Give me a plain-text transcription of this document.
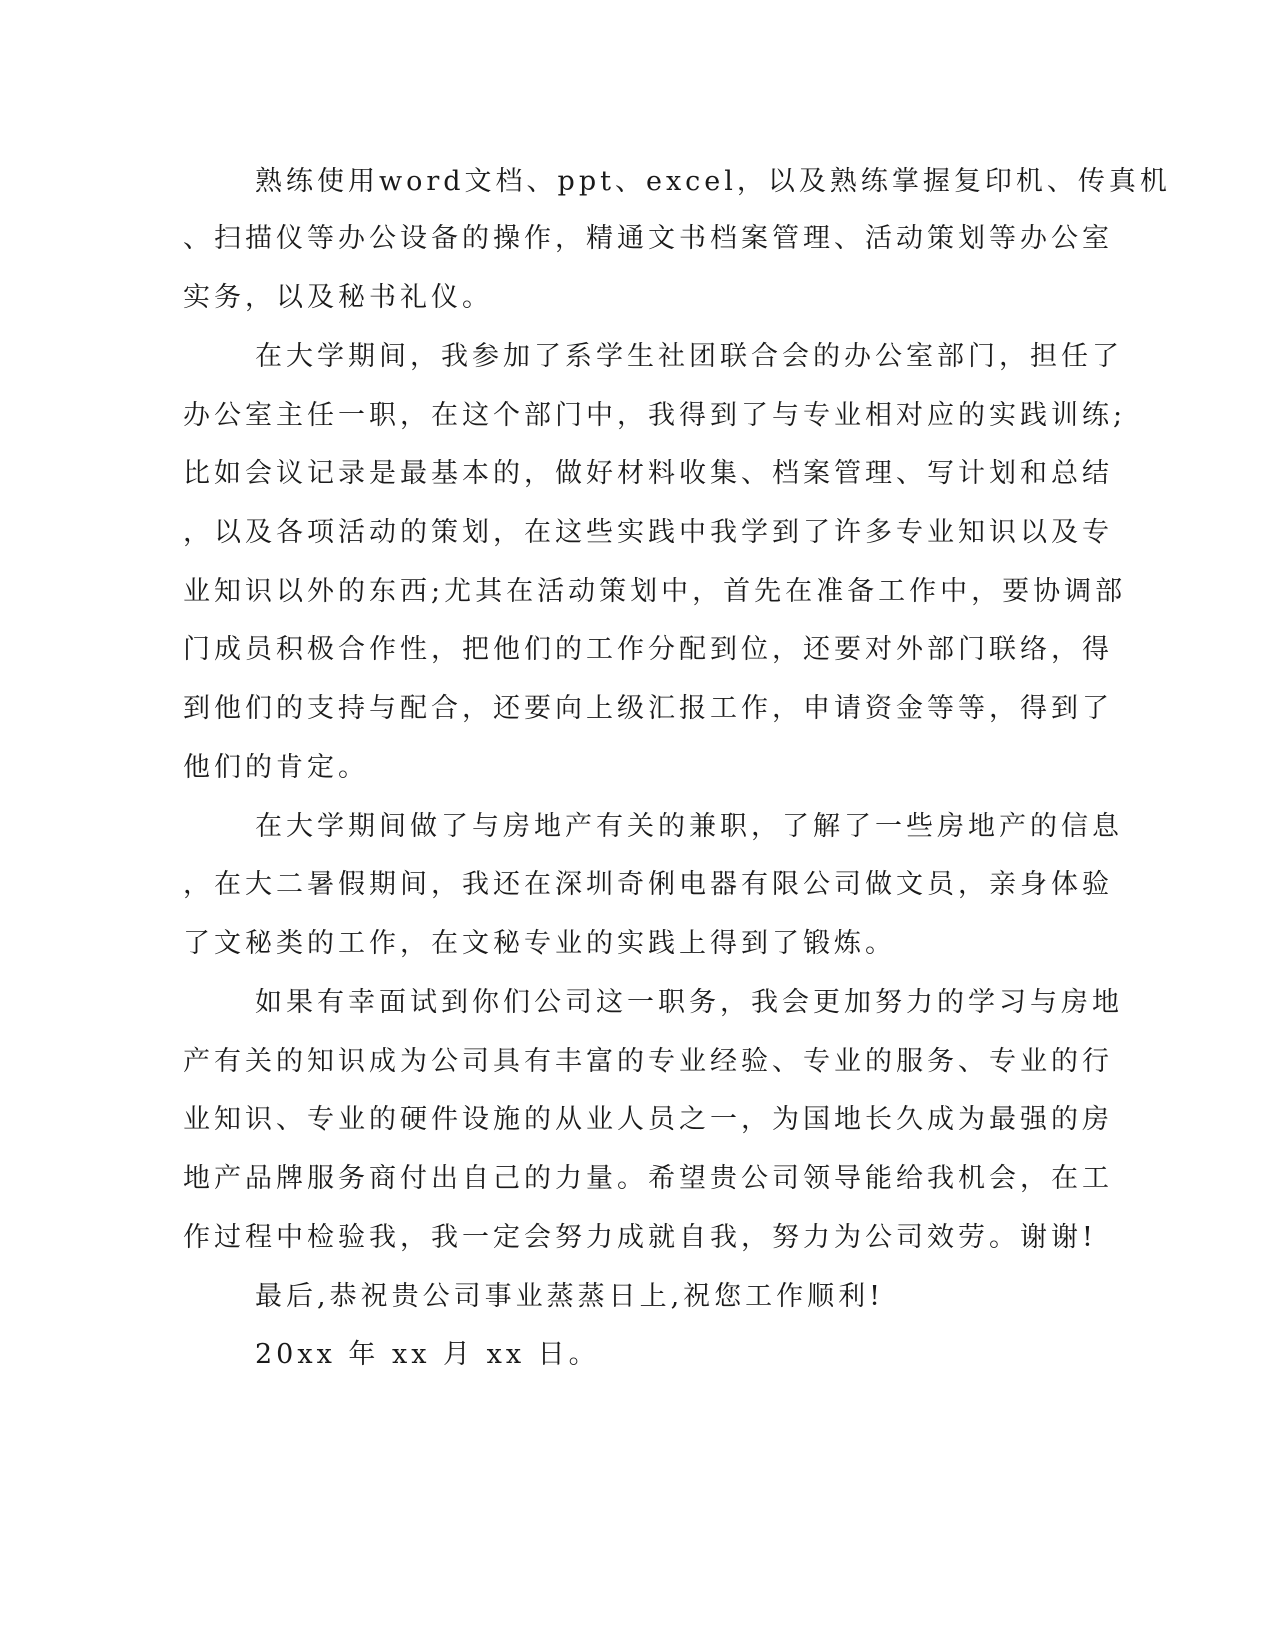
熟练使用word文档、ppt、excel，以及熟练掌握复印机、传真机
、扫描仪等办公设备的操作，精通文书档案管理、活动策划等办公室
实务，以及秘书礼仪。
在大学期间，我参加了系学生社团联合会的办公室部门，担任了
办公室主任一职，在这个部门中，我得到了与专业相对应的实践训练;
比如会议记录是最基本的，做好材料收集、档案管理、写计划和总结
，以及各项活动的策划，在这些实践中我学到了许多专业知识以及专
业知识以外的东西;尤其在活动策划中，首先在准备工作中，要协调部
门成员积极合作性，把他们的工作分配到位，还要对外部门联络，得
到他们的支持与配合，还要向上级汇报工作，申请资金等等，得到了
他们的肯定。
在大学期间做了与房地产有关的兼职，了解了一些房地产的信息
，在大二暑假期间，我还在深圳奇俐电器有限公司做文员，亲身体验
了文秘类的工作，在文秘专业的实践上得到了锻炼。
如果有幸面试到你们公司这一职务，我会更加努力的学习与房地
产有关的知识成为公司具有丰富的专业经验、专业的服务、专业的行
业知识、专业的硬件设施的从业人员之一，为国地长久成为最强的房
地产品牌服务商付出自己的力量。希望贵公司领导能给我机会，在工
作过程中检验我，我一定会努力成就自我，努力为公司效劳。谢谢!
最后,恭祝贵公司事业蒸蒸日上,祝您工作顺利!
20xx 年 xx 月 xx 日。
